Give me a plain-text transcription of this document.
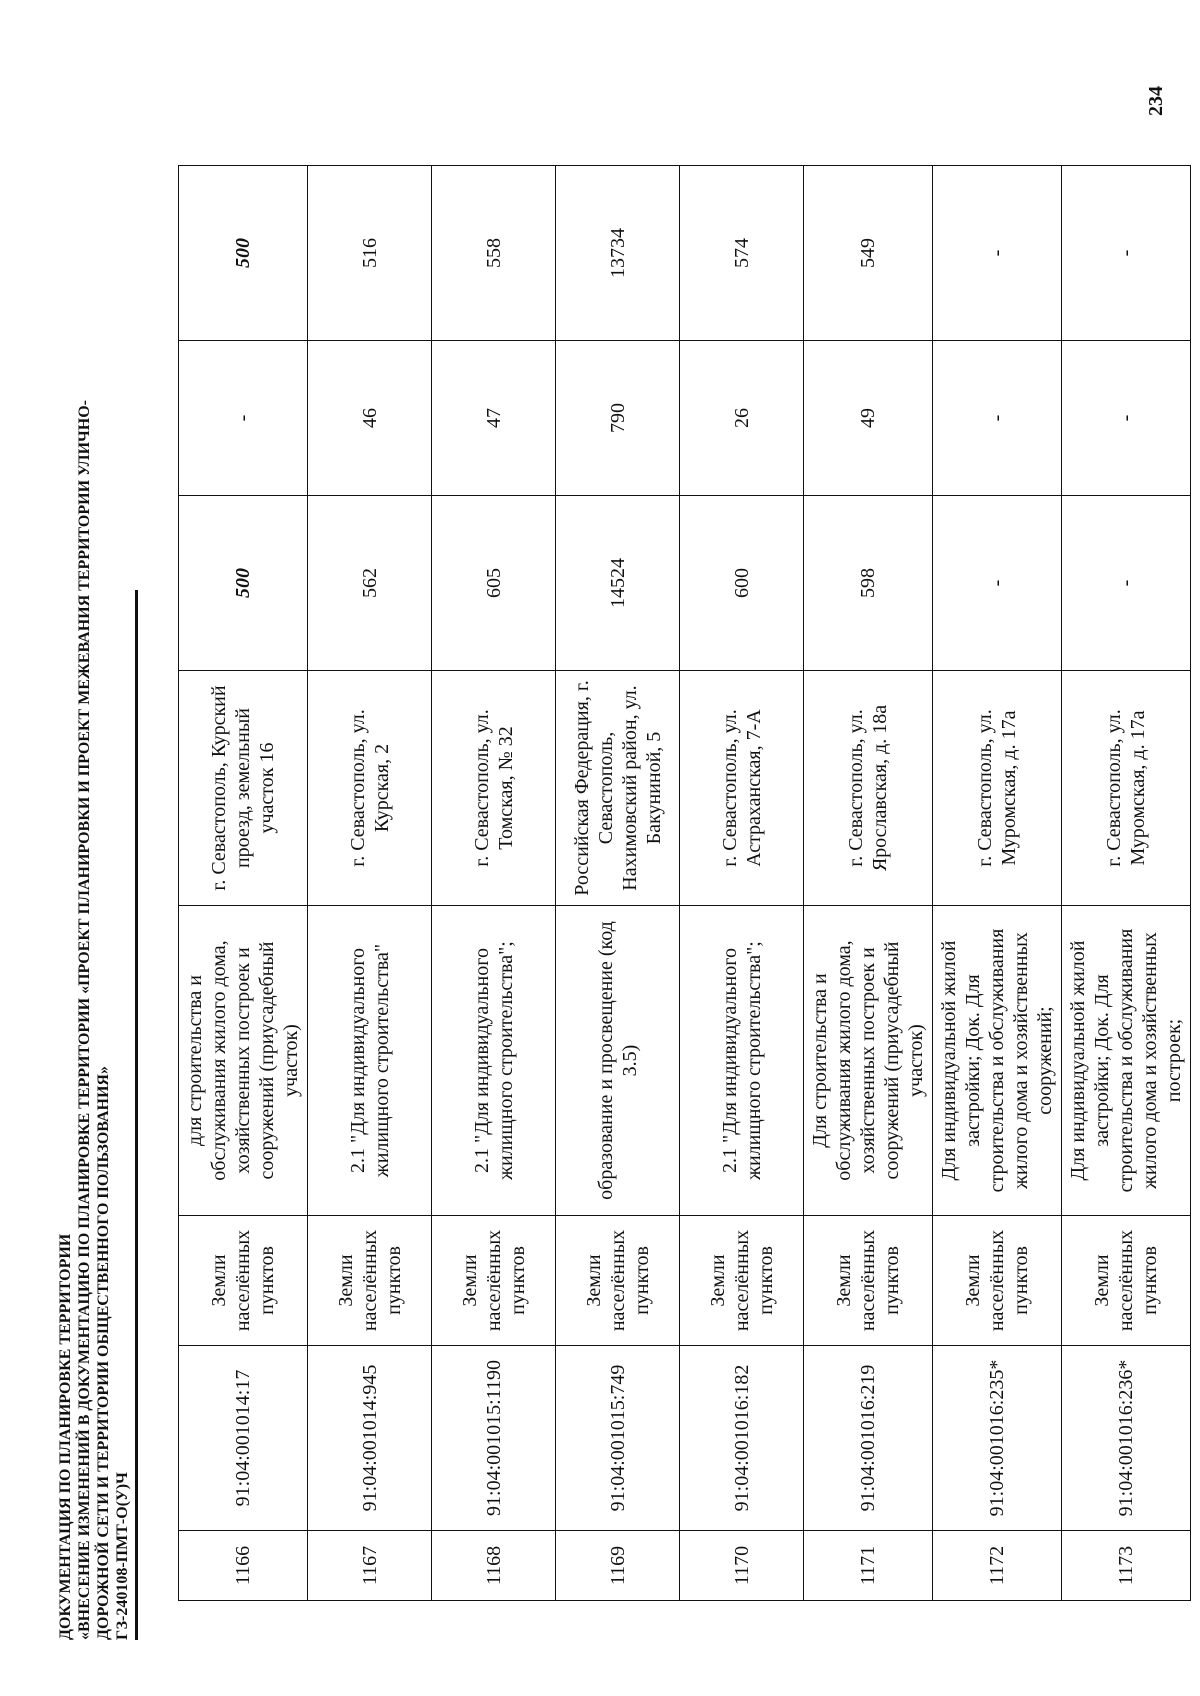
ДОКУМЕНТАЦИЯ ПО ПЛАНИРОВКЕ ТЕРРИТОРИИ «ВНЕСЕНИЕ ИЗМЕНЕНИЙ В ДОКУМЕНТАЦИЮ ПО ПЛАНИРОВКЕ ТЕРРИТОРИИ «ПРОЕКТ ПЛАНИРОВКИ И ПРОЕКТ МЕЖЕВАНИЯ ТЕРРИТОРИИ УЛИЧНО- ДОРОЖНОЙ СЕТИ И ТЕРРИТОРИИ ОБЩЕСТВЕННОГО ПОЛЬЗОВАНИЯ» ГЗ-240108-ПМТ-О(У)Ч
234
1166	91:04:001014:17	Земли населённых пунктов	для строительства и обслуживания жилого дома, хозяйственных построек и сооружений (приусадебный участок)	г. Севастополь, Курский проезд, земельный участок 16	500	-	500
1167	91:04:001014:945	Земли населённых пунктов	2.1 "Для индивидуального жилищного строительства"	г. Севастополь, ул. Курская, 2	562	46	516
1168	91:04:001015:1190	Земли населённых пунктов	2.1 "Для индивидуального жилищного строительства";	г. Севастополь, ул. Томская, № 32	605	47	558
1169	91:04:001015:749	Земли населённых пунктов	образование и просвещение (код 3.5)	Российская Федерация, г. Севастополь, Нахимовский район, ул. Бакуниной, 5	14524	790	13734
1170	91:04:001016:182	Земли населённых пунктов	2.1 "Для индивидуального жилищного строительства";	г. Севастополь, ул. Астраханская, 7-А	600	26	574
1171	91:04:001016:219	Земли населённых пунктов	Для строительства и обслуживания жилого дома, хозяйственных построек и сооружений (приусадебный участок)	г. Севастополь, ул. Ярославская, д. 18а	598	49	549
1172	91:04:001016:235*	Земли населённых пунктов	Для индивидуальной жилой застройки; Док. Для строительства и обслуживания жилого дома и хозяйственных сооружений;	г. Севастополь, ул. Муромская, д. 17а	-	-	-
1173	91:04:001016:236*	Земли населённых пунктов	Для индивидуальной жилой застройки; Док. Для строительства и обслуживания жилого дома и хозяйственных построек;	г. Севастополь, ул. Муромская, д. 17а	-	-	-
